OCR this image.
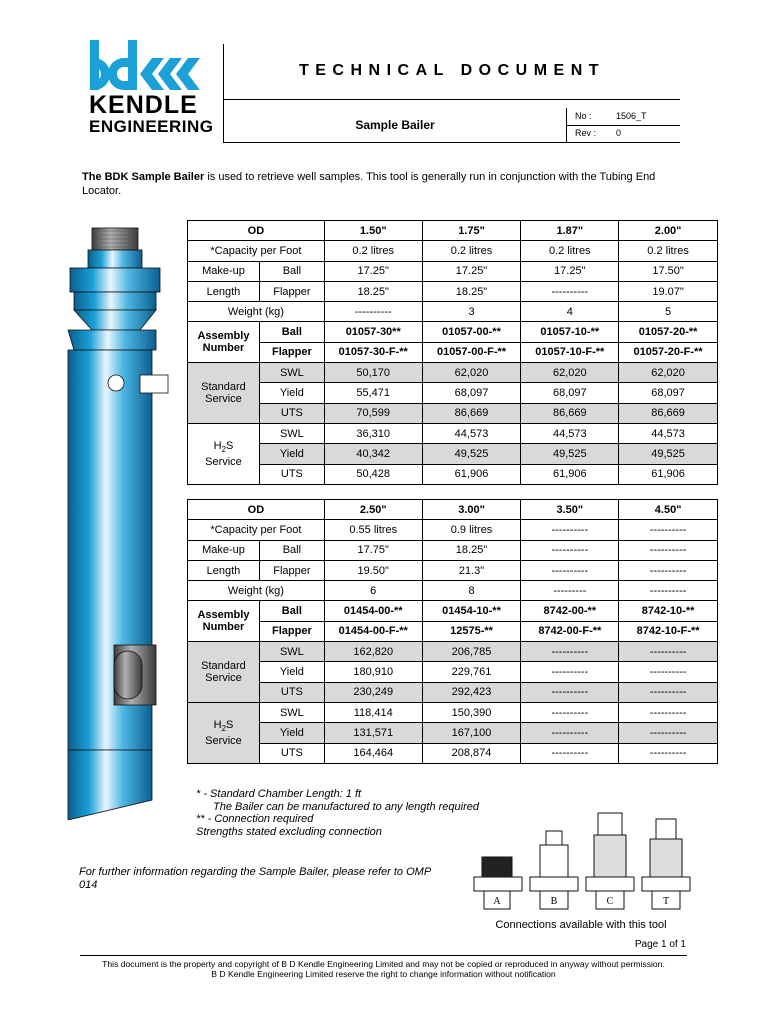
KENDLE
ENGINEERING
TECHNICAL DOCUMENT
Sample Bailer
No :	1506_T
Rev : 0
The BDK Sample Bailer is used to retrieve well samples. This tool is generally run in conjunction with the Tubing End Locator.
OD		1.50"	1.75"	1.87"	2.00"
*Capacity per Foot		0.2 litres	0.2 litres	0.2 litres	0.2 litres
Make-up	Ball	17.25"	17.25"	17.25"	17.50"
Length	Flapper	18.25"	18.25"	----------	19.07"
Weight (kg)		----------	3	4	5
Assembly Number	Ball	01057-30**	01057-00-**	01057-10-**	01057-20-**
	Flapper	01057-30-F-**	01057-00-F-**	01057-10-F-**	01057-20-F-**
Standard Service	SWL	50,170	62,020	62,020	62,020
	Yield	55,471	68,097	68,097	68,097
	UTS	70,599	86,669	86,669	86,669
$H_2S$
Service	SWL	36,310	44,573	44,573	44,573
	Yield	40,342	49,525	49,525	49,525
	UTS	50,428	61,906	61,906	61,906
OD		2.50"	3.00"	3.50"	4.50"
*Capacity per Foot		0.55 litres	0.9 litres	----------	----------
Make-up	Ball	17.75"	18.25"	----------	----------
Length	Flapper	19.50"	21.3"	----------	----------
Weight (kg)		6	8	---------	----------
Assembly Number	Ball	01454-00-**	01454-10-**	8742-00-**	8742-10-**
	Flapper	01454-00-F-**	12575-**	8742-00-F-**	8742-10-F-**
Standard Service	SWL	162,820	206,785	----------	----------
	Yield	180,910	229,761	----------	----------
	UTS	230,249	292,423	----------	----------
$H_2S$
Service	SWL	118,414	150,390	----------	----------
	Yield	131,571	167,100	----------	----------
	UTS	164,464	208,874	----------	----------
* - Standard Chamber Length: 1 ft
The Bailer can be manufactured to any length required
** - Connection required
Strengths stated excluding connection
For further information regarding the Sample Bailer, please refer to OMP 014
A	B	C	T
Connections available with this tool
Page 1 of 1
This document is the property and copyright of B D Kendle Engineering Limited and may not be copied or reproduced in anyway without permission.
B D Kendle Engineering Limited reserve the right to change information without notification
